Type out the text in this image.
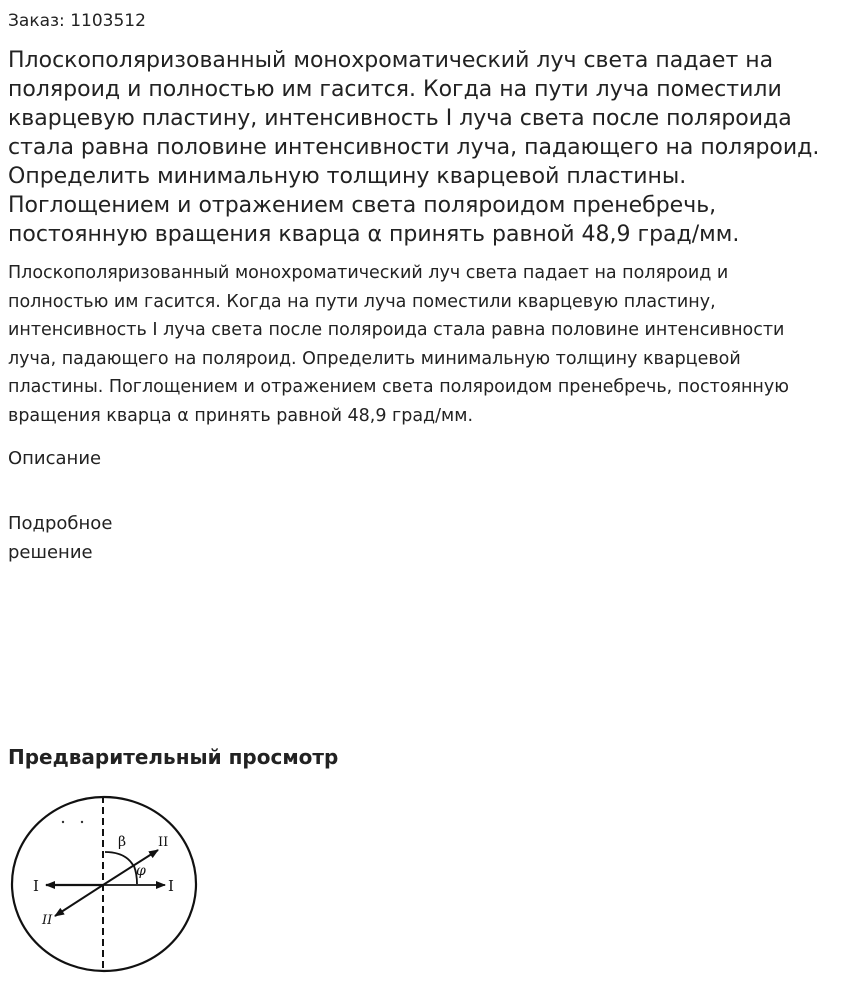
Заказ: 1103512

Плоскополяризованный монохроматический луч света падает на поляроид и полностью им гасится. Когда на пути луча поместили кварцевую пластину, интенсивность I луча света после поляроида стала равна половине интенсивности луча, падающего на поляроид. Определить минимальную толщину кварцевой пластины. Поглощением и отражением света поляроидом пренебречь, постоянную вращения кварца α принять равной 48,9 град/мм.

Плоскополяризованный монохроматический луч света падает на поляроид и полностью им гасится. Когда на пути луча поместили кварцевую пластину, интенсивность I луча света после поляроида стала равна половине интенсивности луча, падающего на поляроид. Определить минимальную толщину кварцевой пластины. Поглощением и отражением света поляроидом пренебречь, постоянную вращения кварца α принять равной 48,9 град/мм.

Описание
Подробное решение
Предварительный просмотр
I	I
II
II
β
φ
